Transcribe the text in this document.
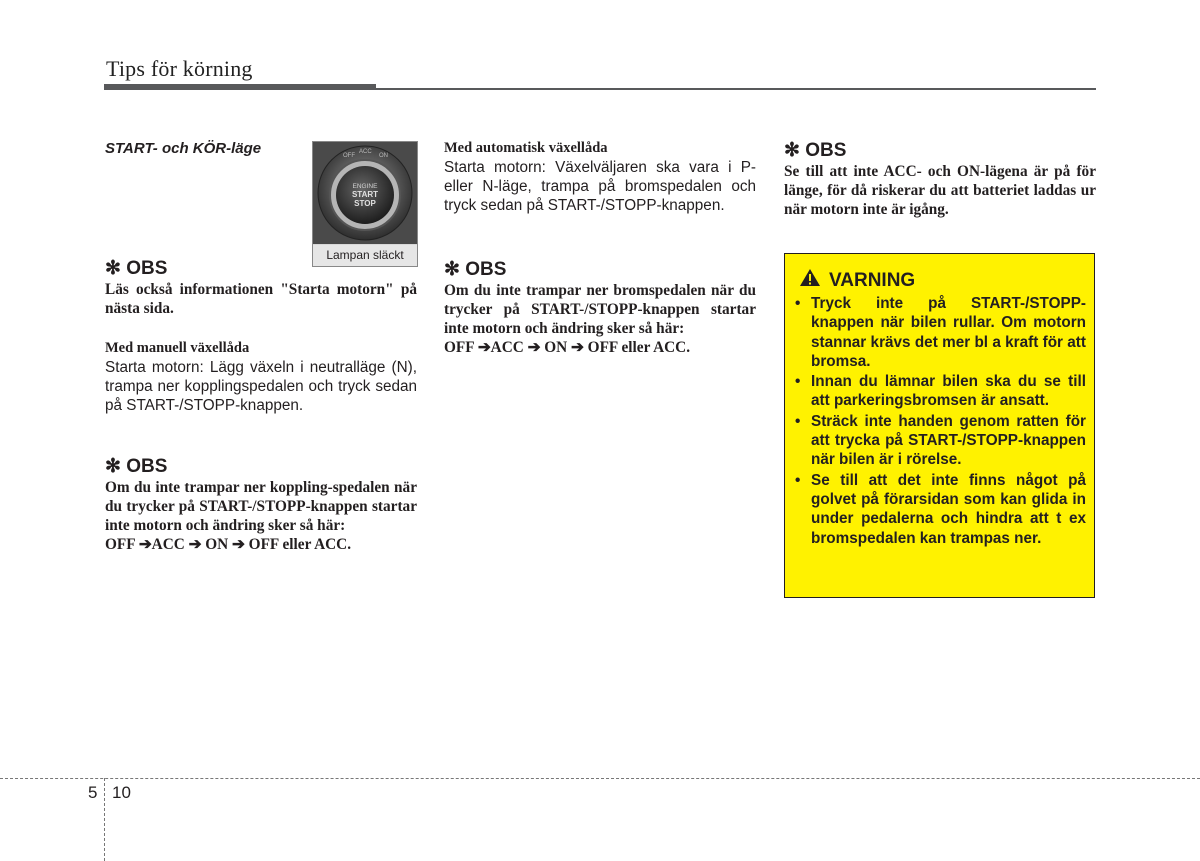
Tips för körning
START- och KÖR-läge
ENGINE
START
STOP
OFF
ACC
ON
Lampan släckt
✻ OBS
Läs också informationen "Starta motorn" på nästa sida.
Med manuell växellåda
Starta motorn: Lägg växeln i neutralläge (N), trampa ner kopplingspedalen och tryck sedan på START-/STOPP-knappen.
✻ OBS
Om du inte trampar ner koppling-spedalen när du trycker på START-/STOPP-knappen startar inte motorn och ändring sker så här:
OFF ➔ACC ➔ ON ➔ OFF eller ACC.
Med automatisk växellåda
Starta motorn: Växelväljaren ska vara i P- eller N-läge, trampa på bromspedalen och tryck sedan på START-/STOPP-knappen.
✻ OBS
Om du inte trampar ner bromspedalen när du trycker på START-/STOPP-knappen startar inte motorn och ändring sker så här:
OFF ➔ACC ➔ ON ➔ OFF eller ACC.
✻ OBS
Se till att inte ACC- och ON-lägena är på för länge, för då riskerar du att batteriet laddas ur när motorn inte är igång.
VARNING
• Tryck inte på START-/STOPP-knappen när bilen rullar. Om motorn stannar krävs det mer bl a kraft för att bromsa.
• Innan du lämnar bilen ska du se till att parkeringsbromsen är ansatt.
• Sträck inte handen genom ratten för att trycka på START-/STOPP-knappen när bilen är i rörelse.
• Se till att det inte finns något på golvet på förarsidan som kan glida in under pedalerna och hindra att t ex bromspedalen kan trampas ner.
5 10
